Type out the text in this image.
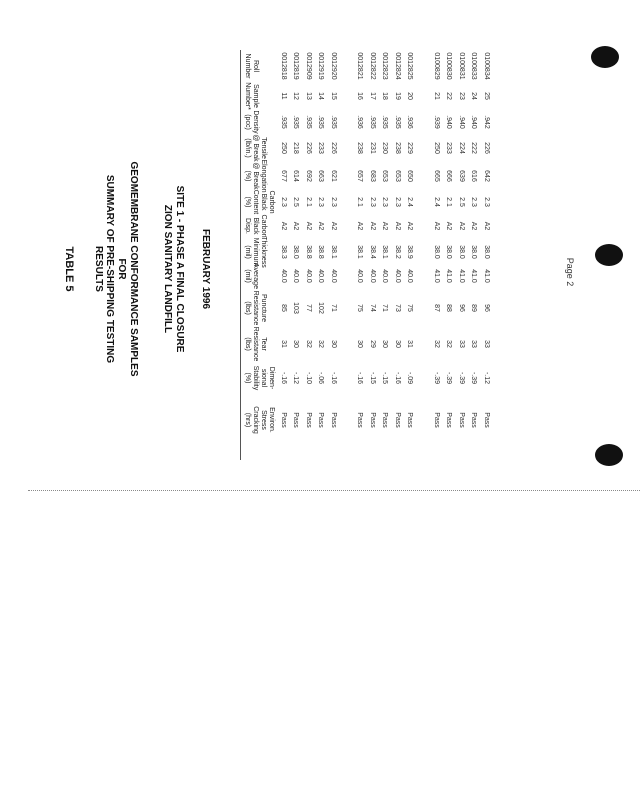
Page 2
Roll
Number
Sample
Number*
Density
(pcc)
Tensile
@ Break
(lb/in.)
Elongation
@ Break
(%)
Carbon
Black
Content
(%)
Carbon
Black
Disp.
Thickness
Minimum
(mil)
Average
(mil)
Puncture
Resistance
(lbs)
Tear
Resistance
(lbs)
Dimen-
sional
Stability
(%)
Environ.
Stress
Cracking
(hrs)
0012818
11
.935
250
677
2.3
A2
38.3
40.0
85
31
-.16
Pass
0012819
12
.935
218
614
2.5
A2
38.0
40.0
103
30
-.12
Pass
0012909
13
.935
226
692
2.1
A2
38.8
40.0
77
32
-.10
Pass
0012919
14
.935
233
663
2.3
A2
38.8
40.0
102
32
-.06
Pass
0012920
15
.935
226
621
2.3
A2
38.1
40.0
71
30
-.16
Pass
0012821
16
.936
238
657
2.1
A2
38.1
40.0
75
30
-.16
Pass
0012822
17
.935
231
683
2.3
A2
38.4
40.0
74
29
-.15
Pass
0012823
18
.935
230
653
2.3
A2
38.1
40.0
71
30
-.15
Pass
0012824
19
.935
238
653
2.3
A2
38.2
40.0
73
30
-.16
Pass
0012825
20
.936
229
650
2.4
A2
38.9
40.0
75
31
-.09
Pass
0100829
21
.939
250
665
2.4
A2
38.0
41.0
87
32
-.39
Pass
0100830
22
.940
233
666
2.1
A2
38.0
41.0
88
32
-.39
Pass
0100831
23
.940
224
639
2.5
A2
38.0
41.0
96
33
-.39
Pass
0100833
24
.940
222
616
2.3
A2
38.0
41.0
89
33
-.39
Pass
0100834
25
.942
226
642
2.3
A2
38.0
41.0
96
33
-.12
Pass
TABLE 5	SUMMARY OF PRE-SHIPPING TESTING RESULTS	FOR GEOMEMBRANE CONFORMANCE SAMPLES ZION SANITARY LANDFILL SITE 1 - PHASE A FINAL CLOSURE FEBRUARY 1996
